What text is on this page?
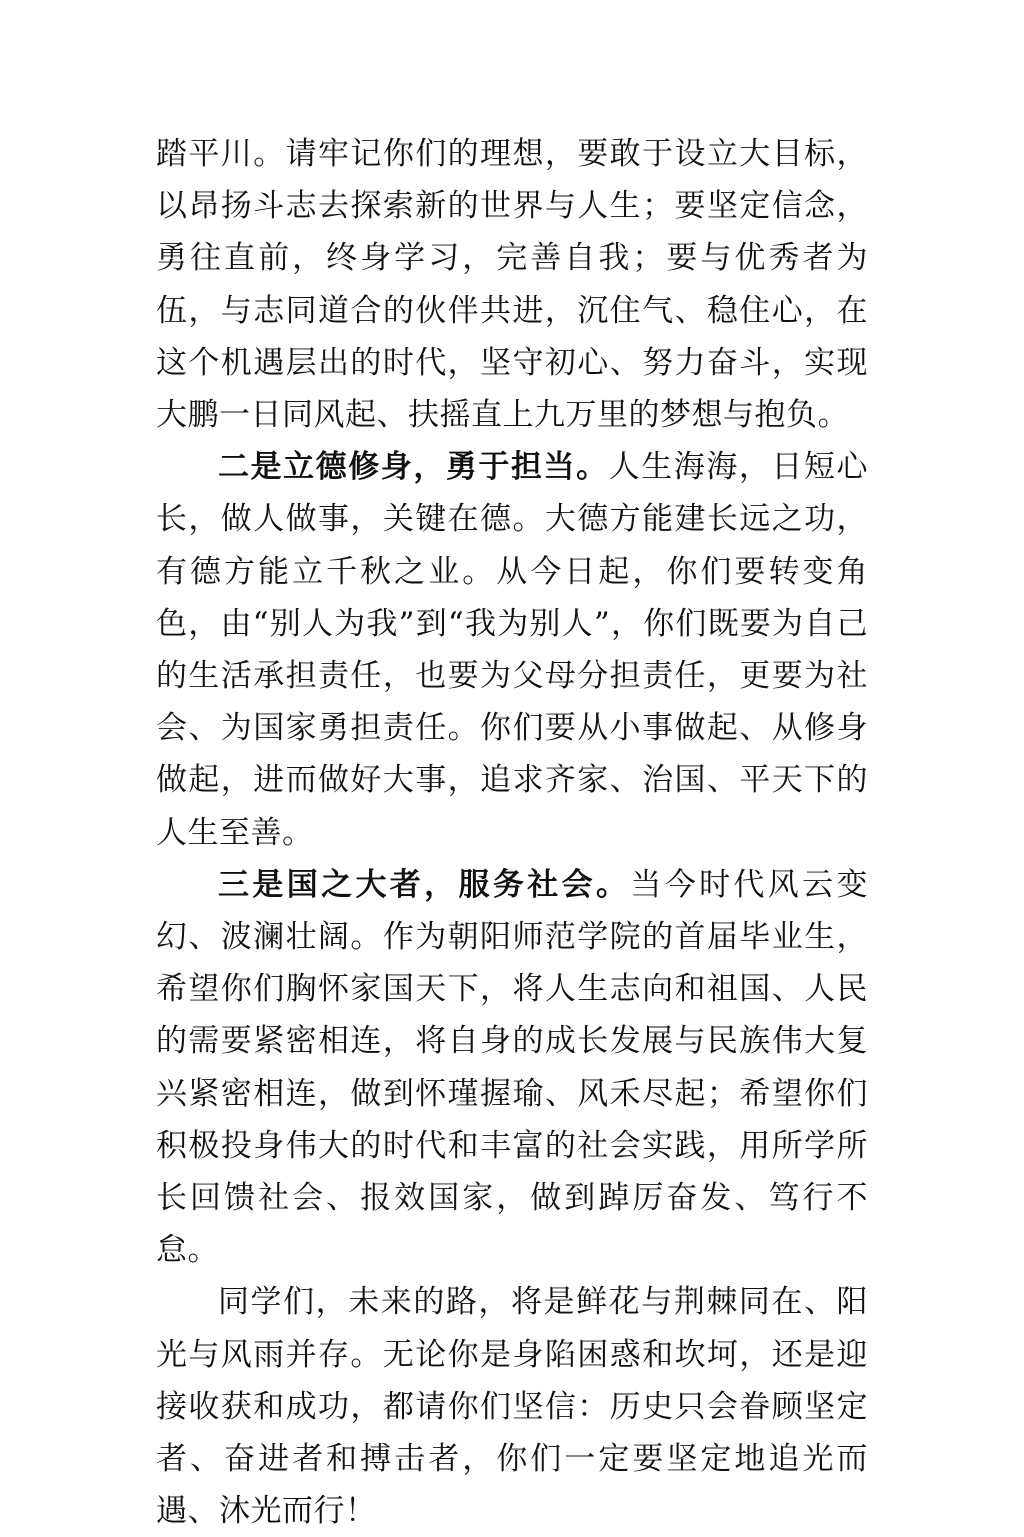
踏平川。请牢记你们的理想，要敢于设立大目标，以昂扬斗志去探索新的世界与人生；要坚定信念，勇往直前，终身学习，完善自我；要与优秀者为伍，与志同道合的伙伴共进，沉住气、稳住心，在这个机遇层出的时代，坚守初心、努力奋斗，实现大鹏一日同风起、扶摇直上九万里的梦想与抱负。

二是立德修身，勇于担当。人生海海，日短心长，做人做事，关键在德。大德方能建长远之功，有德方能立千秋之业。从今日起，你们要转变角色，由“别人为我”到“我为别人”，你们既要为自己的生活承担责任，也要为父母分担责任，更要为社会、为国家勇担责任。你们要从小事做起、从修身做起，进而做好大事，追求齐家、治国、平天下的人生至善。

三是国之大者，服务社会。当今时代风云变幻、波澜壮阔。作为朝阳师范学院的首届毕业生，希望你们胸怀家国天下，将人生志向和祖国、人民的需要紧密相连，将自身的成长发展与民族伟大复兴紧密相连，做到怀瑾握瑜、风禾尽起；希望你们积极投身伟大的时代和丰富的社会实践，用所学所长回馈社会、报效国家，做到踔厉奋发、笃行不怠。

同学们，未来的路，将是鲜花与荆棘同在、阳光与风雨并存。无论你是身陷困惑和坎坷，还是迎接收获和成功，都请你们坚信：历史只会眷顾坚定者、奋进者和搏击者，你们一定要坚定地追光而遇、沐光而行！
